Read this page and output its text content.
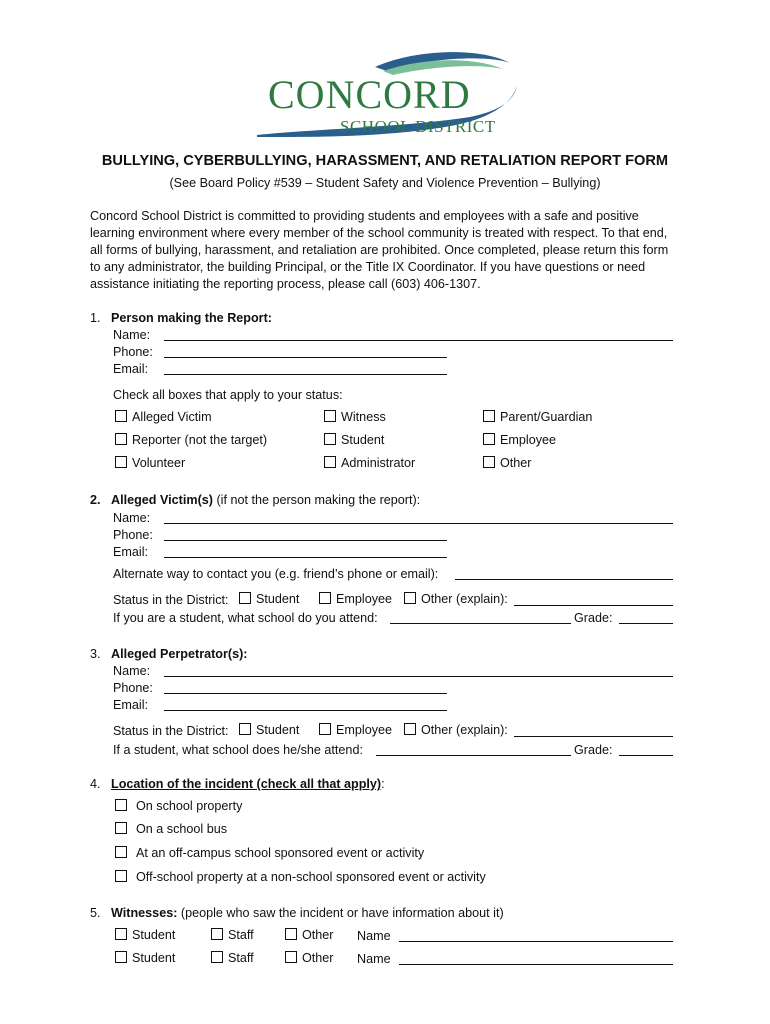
CONCORD
SCHOOL DISTRICT
BULLYING, CYBERBULLYING, HARASSMENT, AND RETALIATION REPORT FORM
(See Board Policy #539 – Student Safety and Violence Prevention – Bullying)

Concord School District is committed to providing students and employees with a safe and positive learning environment where every member of the school community is treated with respect. To that end, all forms of bullying, harassment, and retaliation are prohibited. Once completed, please return this form to any administrator, the building Principal, or the Title IX Coordinator. If you have questions or need assistance initiating the reporting process, please call (603) 406-1307.

1. Person making the Report:
Name:
Phone:
Email:
Check all boxes that apply to your status:
Alleged Victim	Witness	Parent/Guardian
Reporter (not the target)	Student	Employee
Volunteer	Administrator	Other
2. Alleged Victim(s) (if not the person making the report):
Name:
Phone:
Email:
Alternate way to contact you (e.g. friend’s phone or email):
Status in the District:	Student	Employee	Other (explain):
If you are a student, what school do you attend:	Grade:
3. Alleged Perpetrator(s):
Name:
Phone:
Email:
Status in the District:	Student	Employee	Other (explain):
If a student, what school does he/she attend:	Grade:
4. Location of the incident (check all that apply):
On school property
On a school bus
At an off-campus school sponsored event or activity
Off-school property at a non-school sponsored event or activity
5. Witnesses: (people who saw the incident or have information about it)
Student	Staff	Other Name
Student	Staff	Other Name
